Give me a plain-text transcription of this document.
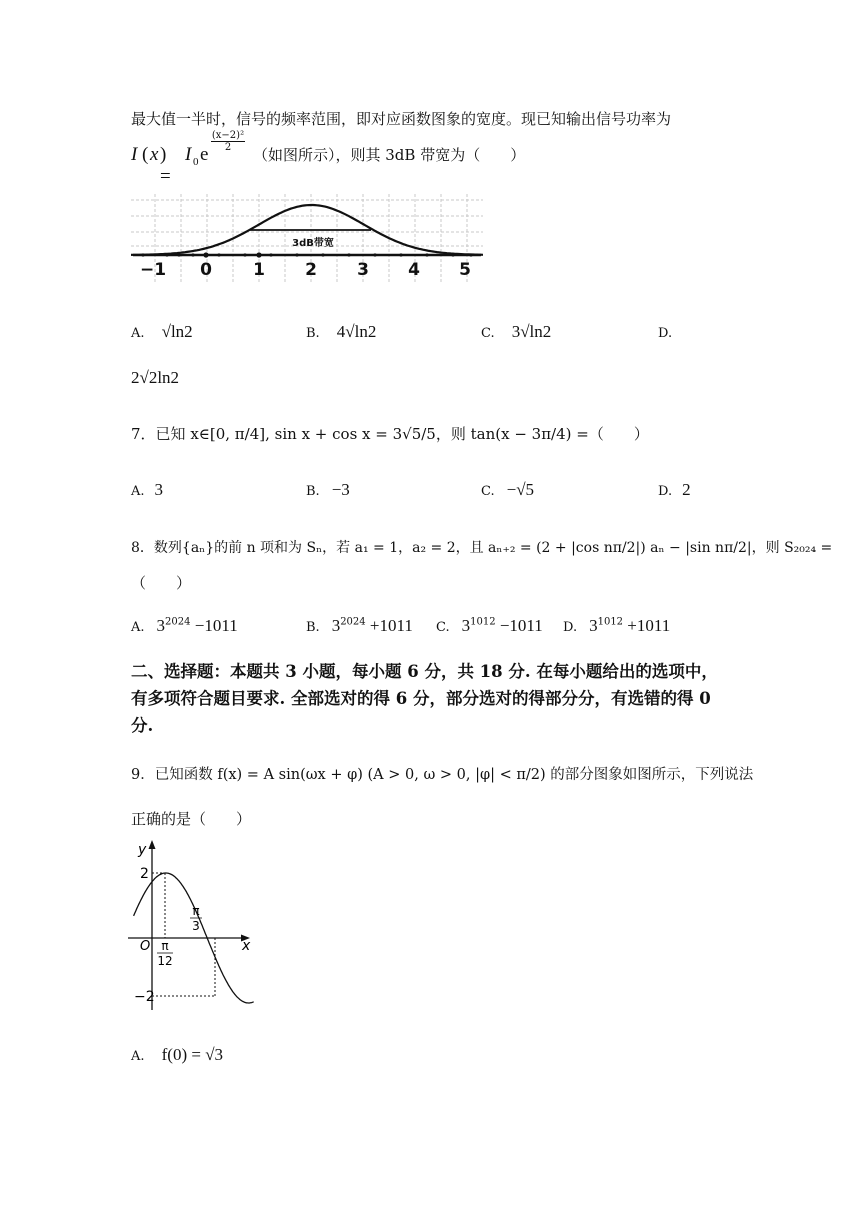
最大值一半时，信号的频率范围，即对应函数图象的宽度。现已知输出信号功率为
I ( x ) =
I 0 e
$\frac{\text{(x−2)²}}{2}$
（如图所示），则其 3dB 带宽为（　　）
3dB带宽
−1 0 1 2 3 4 5
A. √ln2	B. 4√ln2	C. 3√ln2	D.
2√2ln2
7．已知 x∈[0, π/4], sin x + cos x = 3√5/5，则 tan(x − 3π/4) =（　　）
A. 3	B. −3	C. −√5	D. 2
8．数列{aₙ}的前 n 项和为 Sₙ，若 a₁ = 1，a₂ = 2，且 aₙ₊₂ = (2 + |cos nπ/2|) aₙ − |sin nπ/2|，则 S₂₀₂₄ =
（　　）
A. $3^{2024} -1011$	B. $3^{2024} +1011$ C. $3^{1012} -1011$ D. $3^{1012} +1011$
二、选择题：本题共 3 小题，每小题 6 分，共 18 分. 在每小题给出的选项中，
有多项符合题目要求. 全部选对的得 6 分，部分选对的得部分分，有选错的得 0
分.
9．已知函数 f(x) = A sin(ωx + φ) (A > 0, ω > 0, |φ| < π/2) 的部分图象如图所示，下列说法
正确的是（　　）
y
x
O
2
−2
π
3
π
12
A. f(0) = √3
